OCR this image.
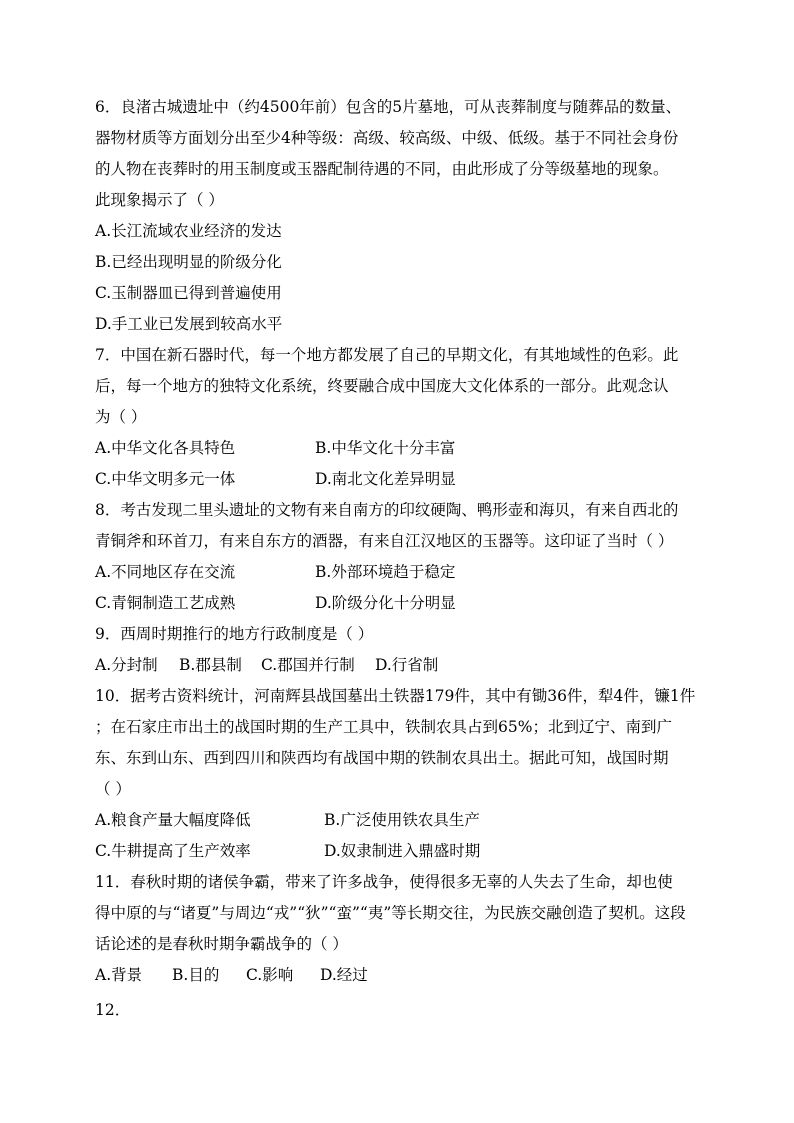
6．良渚古城遗址中（约4500年前）包含的5片墓地，可从丧葬制度与随葬品的数量、
器物材质等方面划分出至少4种等级：高级、较高级、中级、低级。基于不同社会身份
的人物在丧葬时的用玉制度或玉器配制待遇的不同，由此形成了分等级墓地的现象。
此现象揭示了（ ）
A.长江流域农业经济的发达
B.已经出现明显的阶级分化
C.玉制器皿已得到普遍使用
D.手工业已发展到较高水平
7．中国在新石器时代，每一个地方都发展了自己的早期文化，有其地域性的色彩。此
后，每一个地方的独特文化系统，终要融合成中国庞大文化体系的一部分。此观念认
为（ ）
A.中华文化各具特色	B.中华文化十分丰富
C.中华文明多元一体	D.南北文化差异明显
8．考古发现二里头遗址的文物有来自南方的印纹硬陶、鸭形壶和海贝，有来自西北的
青铜斧和环首刀，有来自东方的酒器，有来自江汉地区的玉器等。这印证了当时（ ）
A.不同地区存在交流	B.外部环境趋于稳定
C.青铜制造工艺成熟	D.阶级分化十分明显
9．西周时期推行的地方行政制度是（ ）
A.分封制 B.郡县制 C.郡国并行制 D.行省制
10．据考古资料统计，河南辉县战国墓出土铁器179件，其中有锄36件，犁4件，镰1件
；在石家庄市出土的战国时期的生产工具中，铁制农具占到65%；北到辽宁、南到广
东、东到山东、西到四川和陕西均有战国中期的铁制农具出土。据此可知，战国时期
（ ）
A.粮食产量大幅度降低	B.广泛使用铁农具生产
C.牛耕提高了生产效率	D.奴隶制进入鼎盛时期
11．春秋时期的诸侯争霸，带来了许多战争，使得很多无辜的人失去了生命，却也使
得中原的与“诸夏”与周边“戎”“狄”“蛮”“夷”等长期交往，为民族交融创造了契机。这段
话论述的是春秋时期争霸战争的（ ）
A.背景 B.目的 C.影响 D.经过
12．
